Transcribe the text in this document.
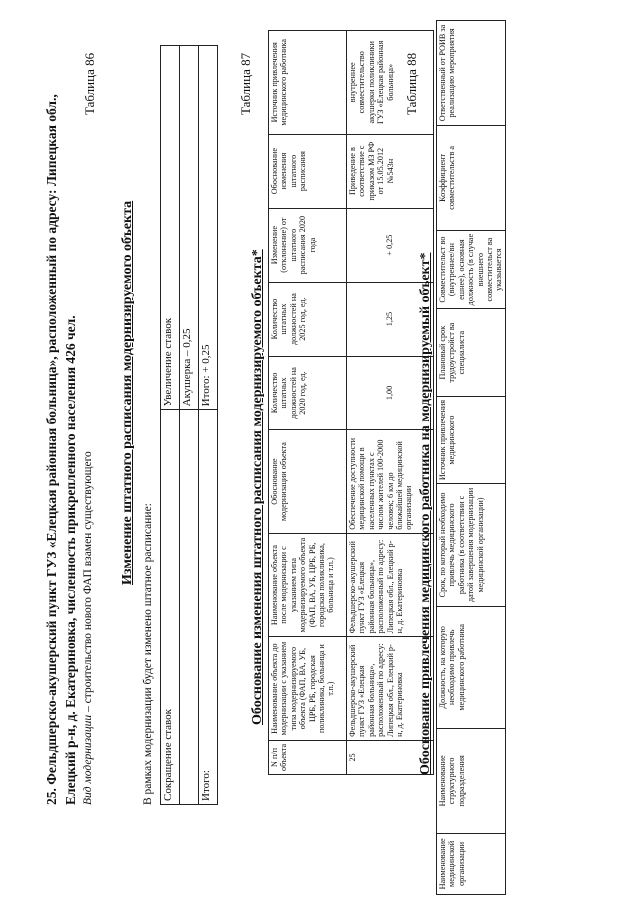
25. Фельдшерско-акушерский пункт ГУЗ «Елецкая районная больница», расположенный по адресу: Липецкая обл., Елецкий р-н, д. Екатериновка, численность прикрепленного населения 426 чел. Вид модернизации – строительство нового ФАП взамен существующего
Таблица 86
Изменение штатного расписания модернизируемого объекта
В рамках модернизации будет изменено штатное расписание: Сокращение ставок	Увеличение ставок
	Акушерка – 0,25
Итого:	Итого: + 0,25
Таблица 87
Обоснование изменения штатного расписания модернизируемого объекта*
N п/п объекта	Наименование объекта до модернизации с указанием типа модернизируемого объекта (ФАП, ВА, УБ, ЦРБ, РБ, городская поликлиника, больница и т.п.)	Наименование объекта после модернизации с указанием типа модернизируемого объекта (ФАП, ВА, УБ, ЦРБ, РБ, городская поликлиника, больница и т.п.)	Обоснование модернизации объекта	Количество штатных должностей на 2020 год, ед.	Количество штатных должностей на 2025 год, ед.	Изменение (отклонение) от штатного расписания 2020 года	Обоснование изменения штатного расписания	Источник привлечения медицинского работника
25	Фельдшерско-акушерский пункт ГУЗ «Елецкая районная больница», расположенный по адресу: Липецкая обл., Елецкий р-н, д. Екатериновка	Фельдшерско-акушерский пункт ГУЗ «Елецкая районная больница», расположенный по адресу: Липецкая обл., Елецкий р-н, д. Екатериновка	Обеспечение доступности медицинской помощи в населенных пунктах с числом жителей 100-2000 человек; 6 км до ближайшей медицинской организации	1,00	1,25	+ 0,25	Приведение в соответствие с приказом МЗ РФ от 15.05.2012 №543н	внутреннее совместительство акушерки поликлиники ГУЗ «Елецкая районная больница» Таблица 88
Обоснование привлечения медицинского работника на модернизируемый объект*
Наименование медицинской организации	Наименование структурного подразделения	Должность, на которую необходимо привлечь медицинского работника	Срок, по который необходимо привлечь медицинского работника (в соответствии с датой завершения модернизации медицинской организации)	Источник привлечения медицинского	Плановый срок трудоустройст ва специалиста	Совместительст во (внутреннее/вн ешнее), основная должность (в случае внешнего совместительст ва указывается	Коэффициент совместительств а	Ответственный от РОИВ за реализацию мероприятия
